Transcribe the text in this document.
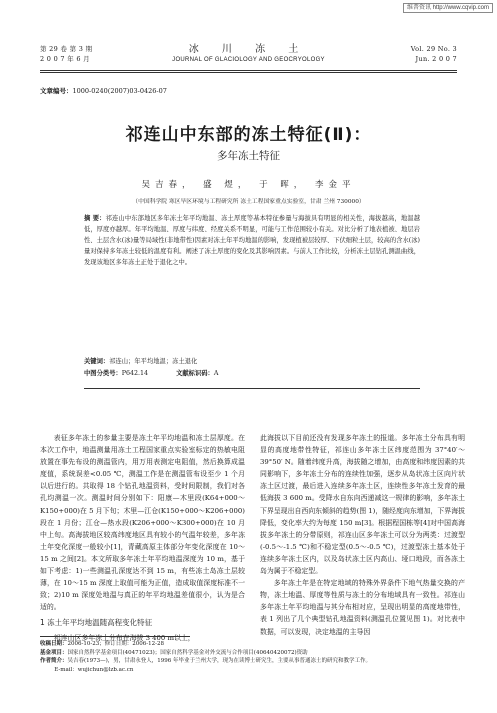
维普资讯 http://www.cqvip.com
第 29 卷 第 3 期
2 0 0 7 年 6 月
冰 川 冻 土
JOURNAL OF GLACIOLOGY AND GEOCRYOLOGY
Vol. 29 No. 3
Jun. 2 0 0 7
文章编号：1000-0240(2007)03-0426-07
祁连山中东部的冻土特征(Ⅱ)：
多年冻土特征
吴吉春， 盛 煜， 于 晖， 李金平
（中国科学院 寒区旱区环境与工程研究所 冻土工程国家重点实验室，甘肃 兰州 730000）
摘 要：祁连山中东部地区多年冻土年平均地温、冻土厚度等基本特征参量与海拔具有明显的相关性，海拔越高，地温越低，厚度亦越厚。年平均地温、厚度与纬度、经度关系不明显，可能与工作范围较小有关。对比分析了地表植被、地层岩性、土层含水(冰)量等局域性(非地带性)因素对冻土年平均地温的影响，发现植被层较厚、下伏细粒土层，较高的含水(冰)量对保持多年冻土较低的温度有利。阐述了冻土厚度的变化及其影响因素。与前人工作比较，分析冻土层钻孔测温曲线，发现该地区多年冻土正处于退化之中。
关键词：祁连山；年平均地温；冻土退化
中图分类号：P642.14	文献标识码：A

表征多年冻土的参量主要是冻土年平均地温和冻土层厚度。在本次工作中，地温测量用冻土工程国家重点实验室标定的热敏电阻放置在事先布设的测温管内，用万用表测定电阻值，然后换算成温度值，系统误差<0.05 ℃，测温工作是在测温管布设至少 1 个月以后进行的。共取得 18 个钻孔地温资料，受时间限制，我们对各孔均测温一次。测温时间分别如下：阳康—木里段(K64+000～K150+000)在 5 月下旬；木里—江仓(K150+000～K206+000)段在 1 月份；江仓—热水段(K206+000～K300+000)在 10 月中上旬。高海拔地区较高纬度地区具有较小的气温年较差，多年冻土年变化深度一般较小[1]，青藏高原主体部分年变化深度在 10～15 m 之间[2]。本文所取多年冻土年平均地温深度为 10 m，基于如下考虑：1)一些测温孔深度达不到 15 m，有些冻土岛冻土层较薄，在 10～15 m 深度上取值可能为正值，造成取值深度标准不一致；2)10 m 深度处地温与真正的年平均地温差值很小，认为是合适的。

1 冻土年平均地温随高程变化特征

祁连山区多年冻土分布在海拔 3 400 m以上，

此海拔以下目前还没有发现多年冻土的报道。多年冻土分布具有明显的高度地带性特征，祁连山多年冻土区纬度范围为 37°40′～39°50′ N。随着纬度升高，海拔随之增加，由高度和纬度因素的共同影响下，多年冻土分布的连续性加强，逐步从岛状冻土区向片状冻土区过渡，最后进入连续多年冻土区，连续性多年冻土发育的最低海拔 3 600 m。受降水自东向西递减这一规律的影响，多年冻土下界呈现出自西向东倾斜的趋势(图 1)，随经度向东增加，下界海拔降低，变化率大约为每度 150 m[3]。根据程国栋等[4]对中国高海拔多年冻土的分带原则，祁连山区多年冻土可以分为两类：过渡型(-0.5～-1.5 ℃)和不稳定型(0.5～-0.5 ℃)，过渡型冻土基本处于连续多年冻土区内，以及岛状冻土区内高山、垭口地段，而各冻土岛为属于不稳定型。

多年冻土年是在特定地域的特殊外界条件下地气热量交换的产物，冻土地温、厚度等性质与冻土的分布地域具有一致性。祁连山多年冻土年平均地温与其分布相对应，呈现出明显的高度地带性，表 1 列出了几个典型钻孔地温资料(测温孔位置见图 1)。对比表中数据，可以发现，决定地温的主导因

收稿日期：2006-10-23；修订日期：2006-12-28
基金项目：国家自然科学基金项目(40471023)；国家自然科学基金对外交流与合作项目(40640420072)资助
作者简介：吴吉春(1973—)，男，甘肃永登人，1996 年毕业于兰州大学，现为在读博士研究生，主要从事普通冻土的研究和教学工作。
E-mail：wujichun@lzb.ac.cn
